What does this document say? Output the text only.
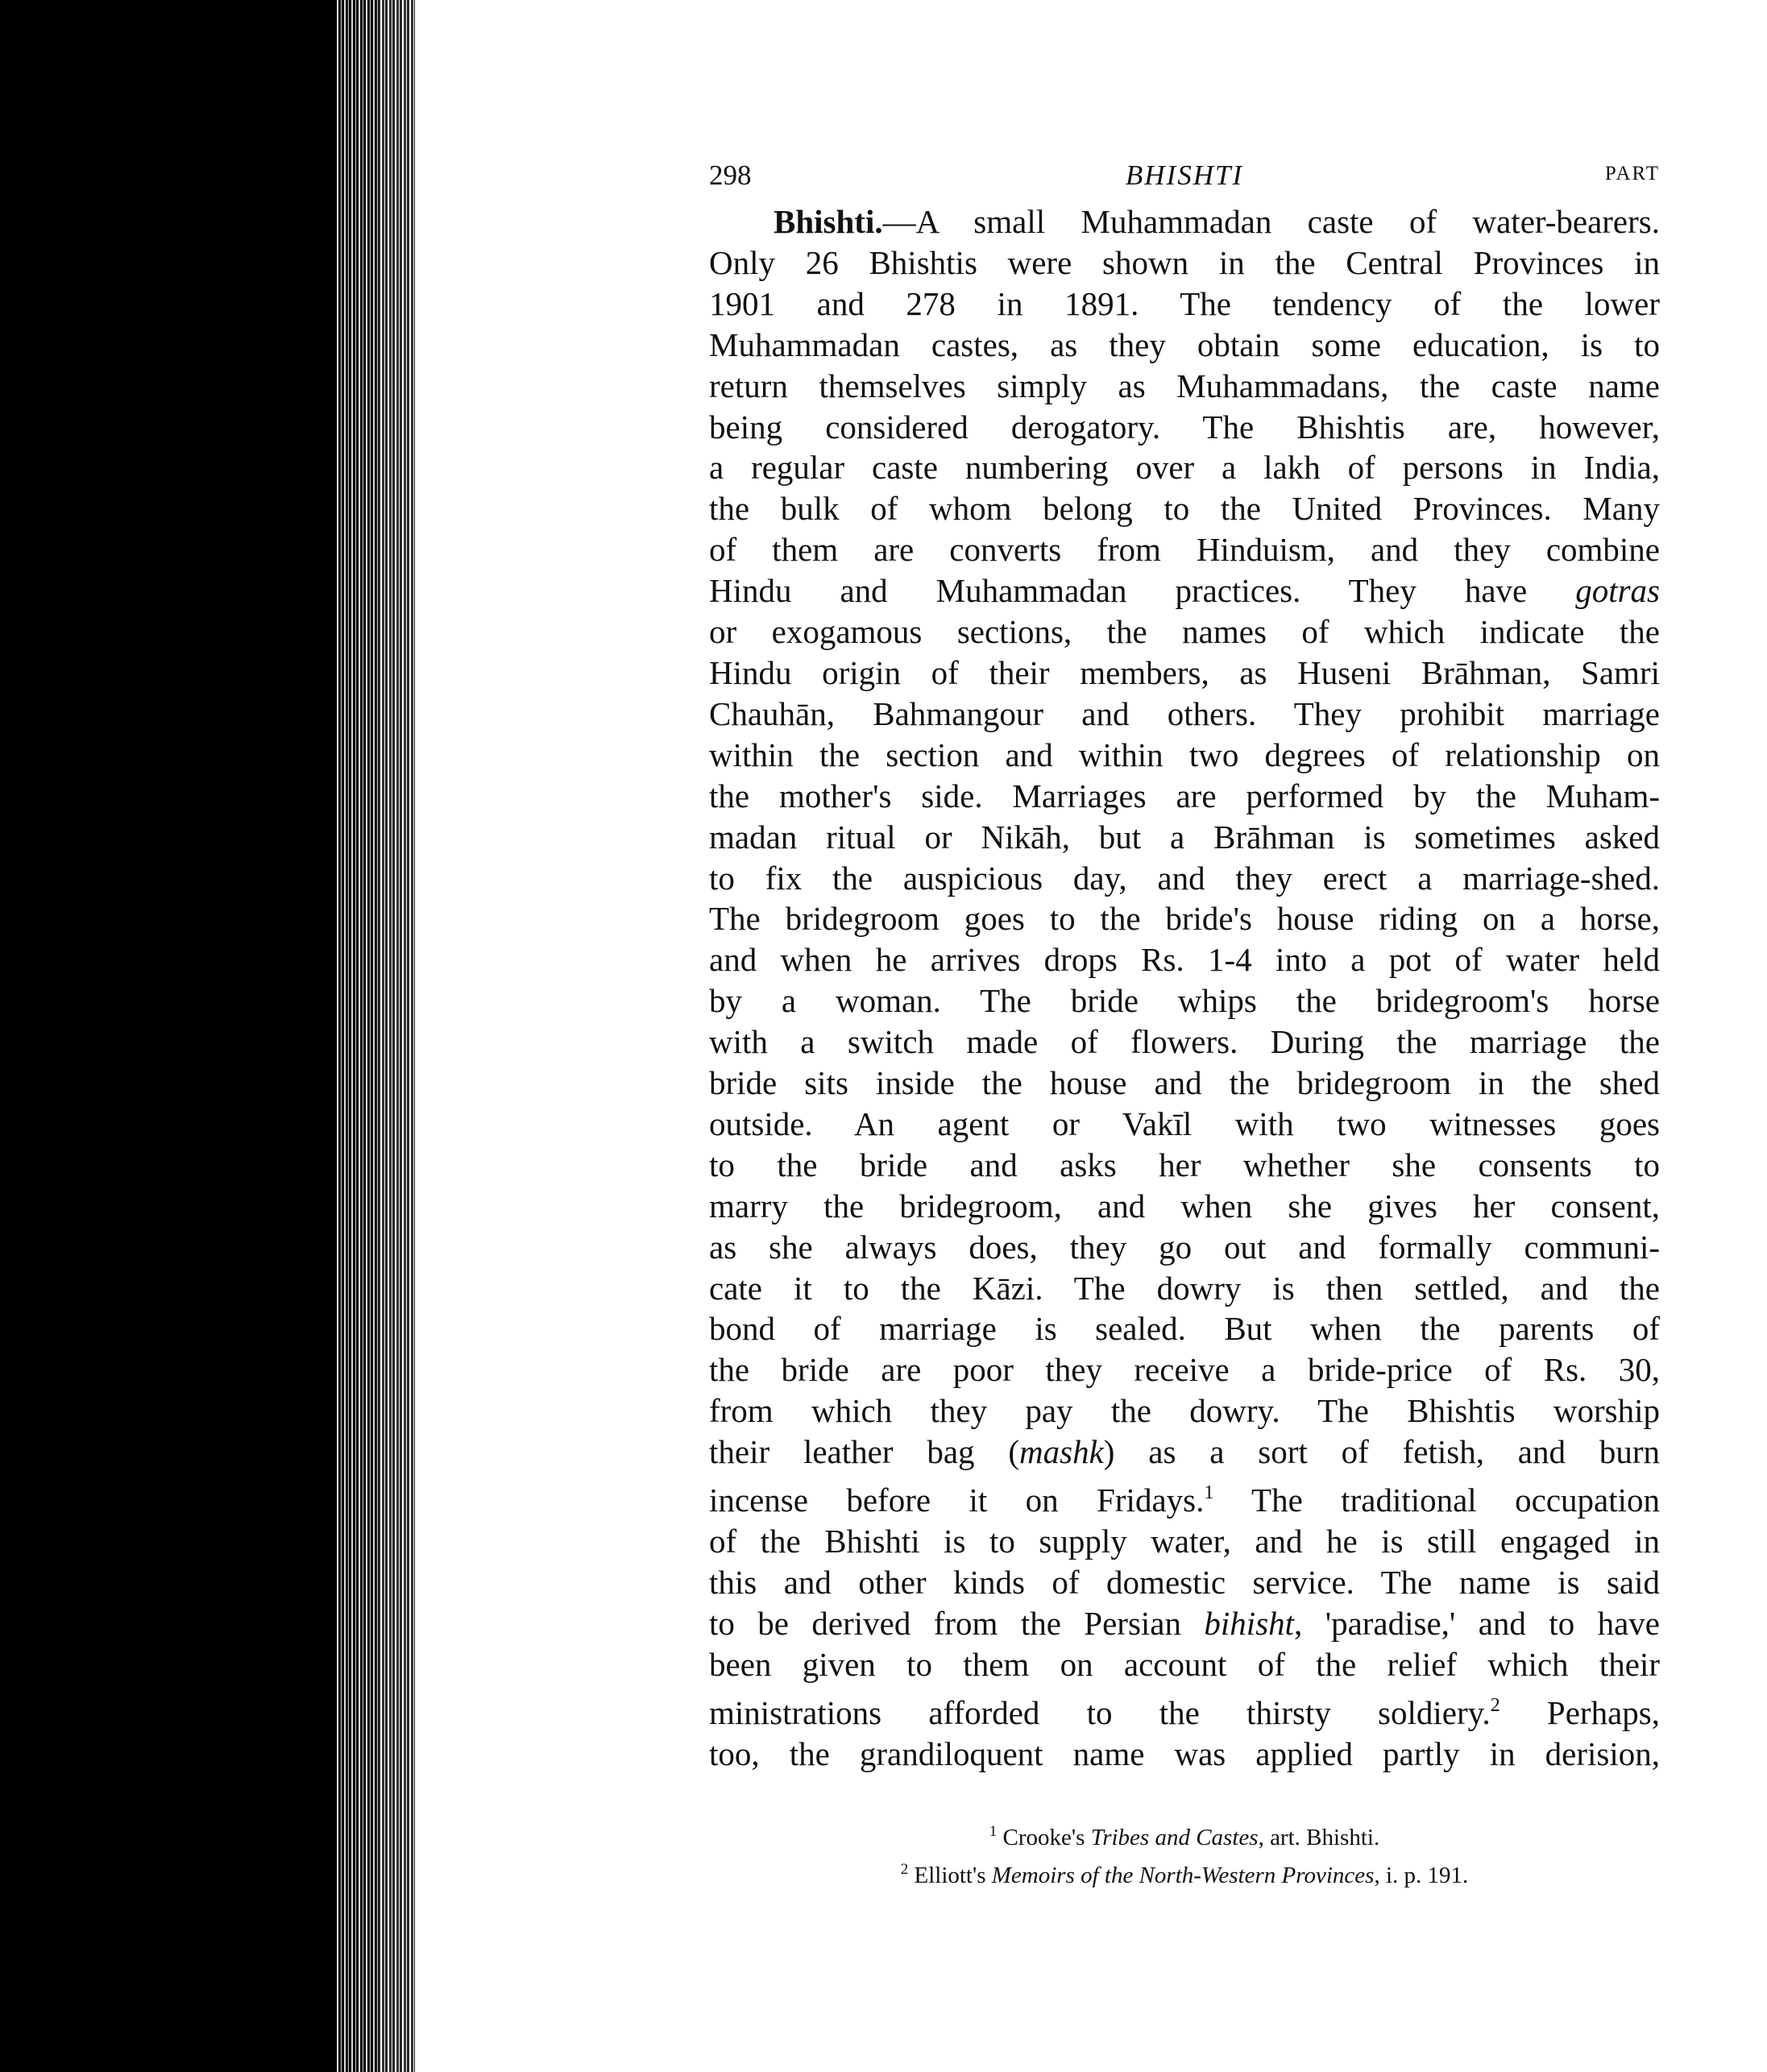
298	BHISHTI	PART
Bhishti.—A small Muhammadan caste of water-bearers.
Only 26 Bhishtis were shown in the Central Provinces in
1901 and 278 in 1891. The tendency of the lower
Muhammadan castes, as they obtain some education, is to
return themselves simply as Muhammadans, the caste name
being considered derogatory. The Bhishtis are, however,
a regular caste numbering over a lakh of persons in India,
the bulk of whom belong to the United Provinces. Many
of them are converts from Hinduism, and they combine
Hindu and Muhammadan practices. They have gotras
or exogamous sections, the names of which indicate the
Hindu origin of their members, as Huseni Brāhman, Samri
Chauhān, Bahmangour and others. They prohibit marriage
within the section and within two degrees of relationship on
the mother's side. Marriages are performed by the Muham-
madan ritual or Nikāh, but a Brāhman is sometimes asked
to fix the auspicious day, and they erect a marriage-shed.
The bridegroom goes to the bride's house riding on a horse,
and when he arrives drops Rs. 1-4 into a pot of water held
by a woman. The bride whips the bridegroom's horse
with a switch made of flowers. During the marriage the
bride sits inside the house and the bridegroom in the shed
outside. An agent or Vakīl with two witnesses goes
to the bride and asks her whether she consents to
marry the bridegroom, and when she gives her consent,
as she always does, they go out and formally communi-
cate it to the Kāzi. The dowry is then settled, and the
bond of marriage is sealed. But when the parents of
the bride are poor they receive a bride-price of Rs. 30,
from which they pay the dowry. The Bhishtis worship
their leather bag (mashk) as a sort of fetish, and burn
incense before it on Fridays.$^1$ The traditional occupation
of the Bhishti is to supply water, and he is still engaged in
this and other kinds of domestic service. The name is said
to be derived from the Persian bihisht, 'paradise,' and to have
been given to them on account of the relief which their
ministrations afforded to the thirsty soldiery.$^2$ Perhaps,
too, the grandiloquent name was applied partly in derision,
$^1$ Crooke's Tribes and Castes, art. Bhishti.
$^2$ Elliott's Memoirs of the North-Western Provinces, i. p. 191.
